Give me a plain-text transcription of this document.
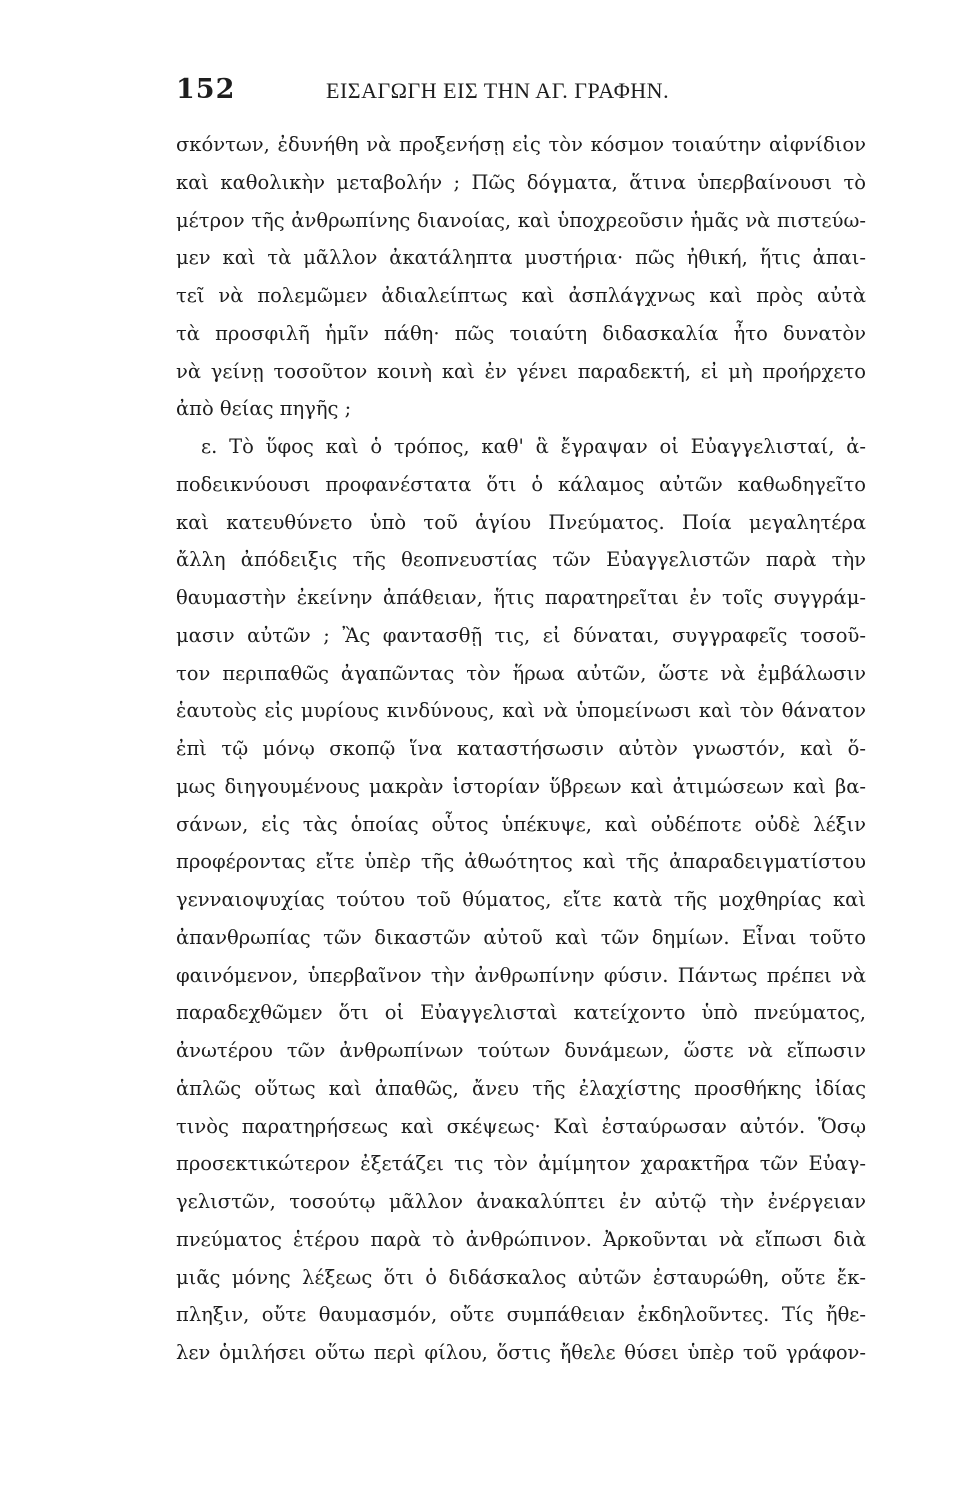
152	ΕΙΣΑΓΩΓΗ ΕΙΣ ΤΗΝ ΑΓ. ΓΡΑΦΗΝ.
σκόντων, ἐδυνήθη νὰ προξενήσῃ εἰς τὸν κόσμον τοιαύτην αἰφνίδιον
καὶ καθολικὴν μεταβολήν ; Πῶς δόγματα, ἅτινα ὑπερβαίνουσι τὸ
μέτρον τῆς ἀνθρωπίνης διανοίας, καὶ ὑποχρεοῦσιν ἡμᾶς νὰ πιστεύω-
μεν καὶ τὰ μᾶλλον ἀκατάληπτα μυστήρια· πῶς ἠθική, ἥτις ἀπαι-
τεῖ νὰ πολεμῶμεν ἀδιαλείπτως καὶ ἀσπλάγχνως καὶ πρὸς αὐτὰ
τὰ προσφιλῆ ἡμῖν πάθη· πῶς τοιαύτη διδασκαλία ἦτο δυνατὸν
νὰ γείνῃ τοσοῦτον κοινὴ καὶ ἐν γένει παραδεκτή, εἰ μὴ προήρχετο
ἀπὸ θείας πηγῆς ;
ε. Τὸ ὕφος καὶ ὁ τρόπος, καθ' ἃ ἔγραψαν οἱ Εὐαγγελισταί, ἀ-
ποδεικνύουσι προφανέστατα ὅτι ὁ κάλαμος αὐτῶν καθωδηγεῖτο
καὶ κατευθύνετο ὑπὸ τοῦ ἁγίου Πνεύματος. Ποία μεγαλητέρα
ἄλλη ἀπόδειξις τῆς θεοπνευστίας τῶν Εὐαγγελιστῶν παρὰ τὴν
θαυμαστὴν ἐκείνην ἀπάθειαν, ἥτις παρατηρεῖται ἐν τοῖς συγγράμ-
μασιν αὐτῶν ; Ἂς φαντασθῇ τις, εἰ δύναται, συγγραφεῖς τοσοῦ-
τον περιπαθῶς ἀγαπῶντας τὸν ἥρωα αὐτῶν, ὥστε νὰ ἐμβάλωσιν
ἑαυτοὺς εἰς μυρίους κινδύνους, καὶ νὰ ὑπομείνωσι καὶ τὸν θάνατον
ἐπὶ τῷ μόνῳ σκοπῷ ἵνα καταστήσωσιν αὐτὸν γνωστόν, καὶ ὅ-
μως διηγουμένους μακρὰν ἱστορίαν ὕβρεων καὶ ἀτιμώσεων καὶ βα-
σάνων, εἰς τὰς ὁποίας οὗτος ὑπέκυψε, καὶ οὐδέποτε οὐδὲ λέξιν
προφέροντας εἴτε ὑπὲρ τῆς ἀθωότητος καὶ τῆς ἀπαραδειγματίστου
γενναιοψυχίας τούτου τοῦ θύματος, εἴτε κατὰ τῆς μοχθηρίας καὶ
ἀπανθρωπίας τῶν δικαστῶν αὐτοῦ καὶ τῶν δημίων. Εἶναι τοῦτο
φαινόμενον, ὑπερβαῖνον τὴν ἀνθρωπίνην φύσιν. Πάντως πρέπει νὰ
παραδεχθῶμεν ὅτι οἱ Εὐαγγελισταὶ κατείχοντο ὑπὸ πνεύματος,
ἀνωτέρου τῶν ἀνθρωπίνων τούτων δυνάμεων, ὥστε νὰ εἴπωσιν
ἁπλῶς οὕτως καὶ ἀπαθῶς, ἄνευ τῆς ἐλαχίστης προσθήκης ἰδίας
τινὸς παρατηρήσεως καὶ σκέψεως· Καὶ ἐσταύρωσαν αὐτόν. Ὅσῳ
προσεκτικώτερον ἐξετάζει τις τὸν ἀμίμητον χαρακτῆρα τῶν Εὐαγ-
γελιστῶν, τοσούτῳ μᾶλλον ἀνακαλύπτει ἐν αὐτῷ τὴν ἐνέργειαν
πνεύματος ἑτέρου παρὰ τὸ ἀνθρώπινον. Ἀρκοῦνται νὰ εἴπωσι διὰ
μιᾶς μόνης λέξεως ὅτι ὁ διδάσκαλος αὐτῶν ἐσταυρώθη, οὔτε ἔκ-
πληξιν, οὔτε θαυμασμόν, οὔτε συμπάθειαν ἐκδηλοῦντες. Τίς ἤθε-
λεν ὁμιλήσει οὕτω περὶ φίλου, ὅστις ἤθελε θύσει ὑπὲρ τοῦ γράφον-
